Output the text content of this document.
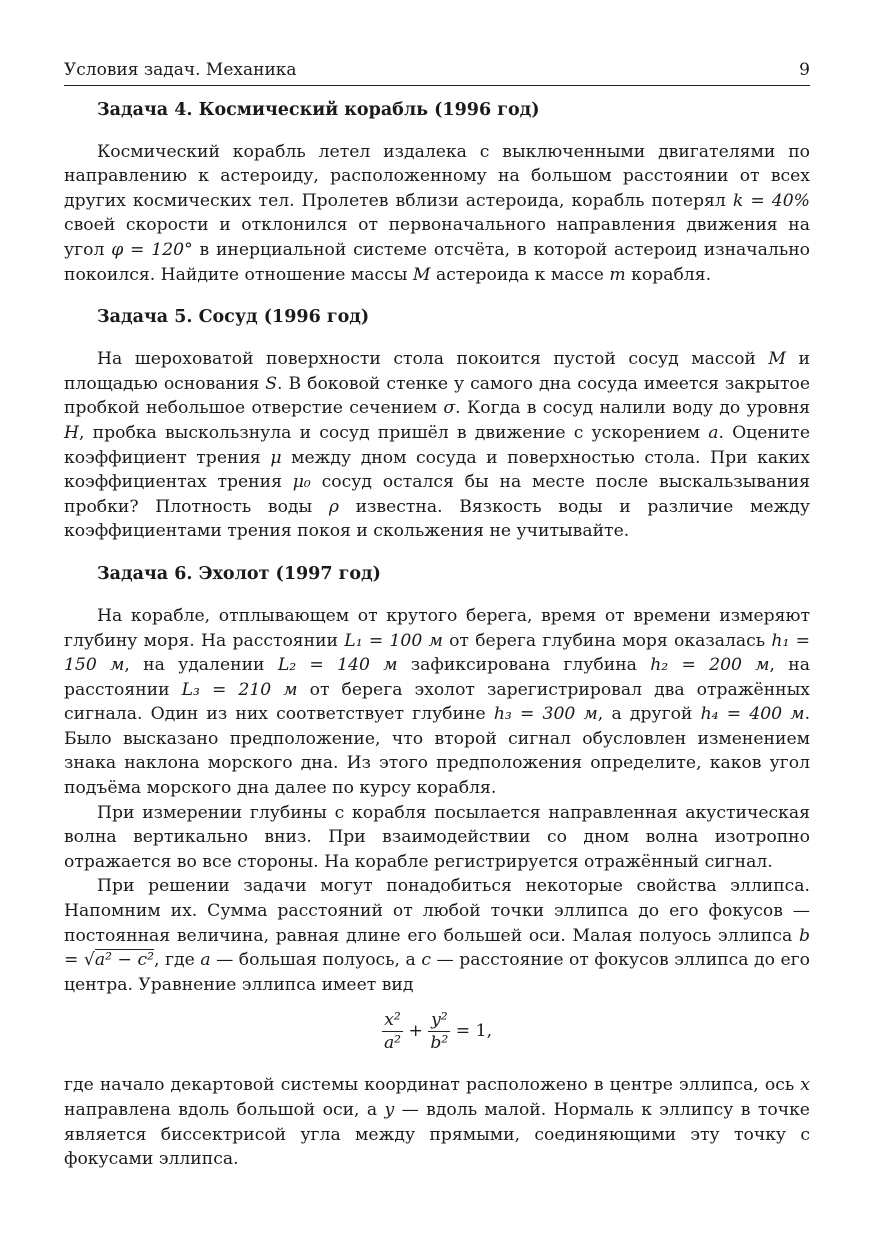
Условия задач. Механика	9
Задача 4. Космический корабль (1996 год)

Космический корабль летел издалека с выключенными двигателями по направлению к астероиду, расположенному на большом расстоянии от всех других космических тел. Пролетев вблизи астероида, корабль потерял k = 40% своей скорости и отклонился от первоначального направления движения на угол φ = 120° в инерциальной системе отсчёта, в которой астероид изначально покоился. Найдите отношение массы M астероида к массе m корабля.

Задача 5. Сосуд (1996 год)

На шероховатой поверхности стола покоится пустой сосуд массой M и площадью основания S. В боковой стенке у самого дна сосуда имеется закрытое пробкой небольшое отверстие сечением σ. Когда в сосуд налили воду до уровня H, пробка выскользнула и сосуд пришёл в движение с ускорением a. Оцените коэффициент трения μ между дном сосуда и поверхностью стола. При каких коэффициентах трения μ₀ сосуд остался бы на месте после выскальзывания пробки? Плотность воды ρ известна. Вязкость воды и различие между коэффициентами трения покоя и скольжения не учитывайте.

Задача 6. Эхолот (1997 год)

На корабле, отплывающем от крутого берега, время от времени измеряют глубину моря. На расстоянии L₁ = 100 м от берега глубина моря оказалась h₁ = 150 м, на удалении L₂ = 140 м зафиксирована глубина h₂ = 200 м, на расстоянии L₃ = 210 м от берега эхолот зарегистрировал два отражённых сигнала. Один из них соответствует глубине h₃ = 300 м, а другой h₄ = 400 м. Было высказано предположение, что второй сигнал обусловлен изменением знака наклона морского дна. Из этого предположения определите, каков угол подъёма морского дна далее по курсу корабля.

При измерении глубины с корабля посылается направленная акустическая волна вертикально вниз. При взаимодействии со дном волна изотропно отражается во все стороны. На корабле регистрируется отражённый сигнал.

При решении задачи могут понадобиться некоторые свойства эллипса. Напомним их. Сумма расстояний от любой точки эллипса до его фокусов — постоянная величина, равная длине его большей оси. Малая полуось эллипса b = √a² − c², где a — большая полуось, а c — расстояние от фокусов эллипса до его центра. Уравнение эллипса имеет вид

$\frac{\text{x²}}{\text{a²}} + \frac{\text{y²}}{\text{b²}} = 1$,

где начало декартовой системы координат расположено в центре эллипса, ось x направлена вдоль большой оси, а y — вдоль малой. Нормаль к эллипсу в точке является биссектрисой угла между прямыми, соединяющими эту точку с фокусами эллипса.
